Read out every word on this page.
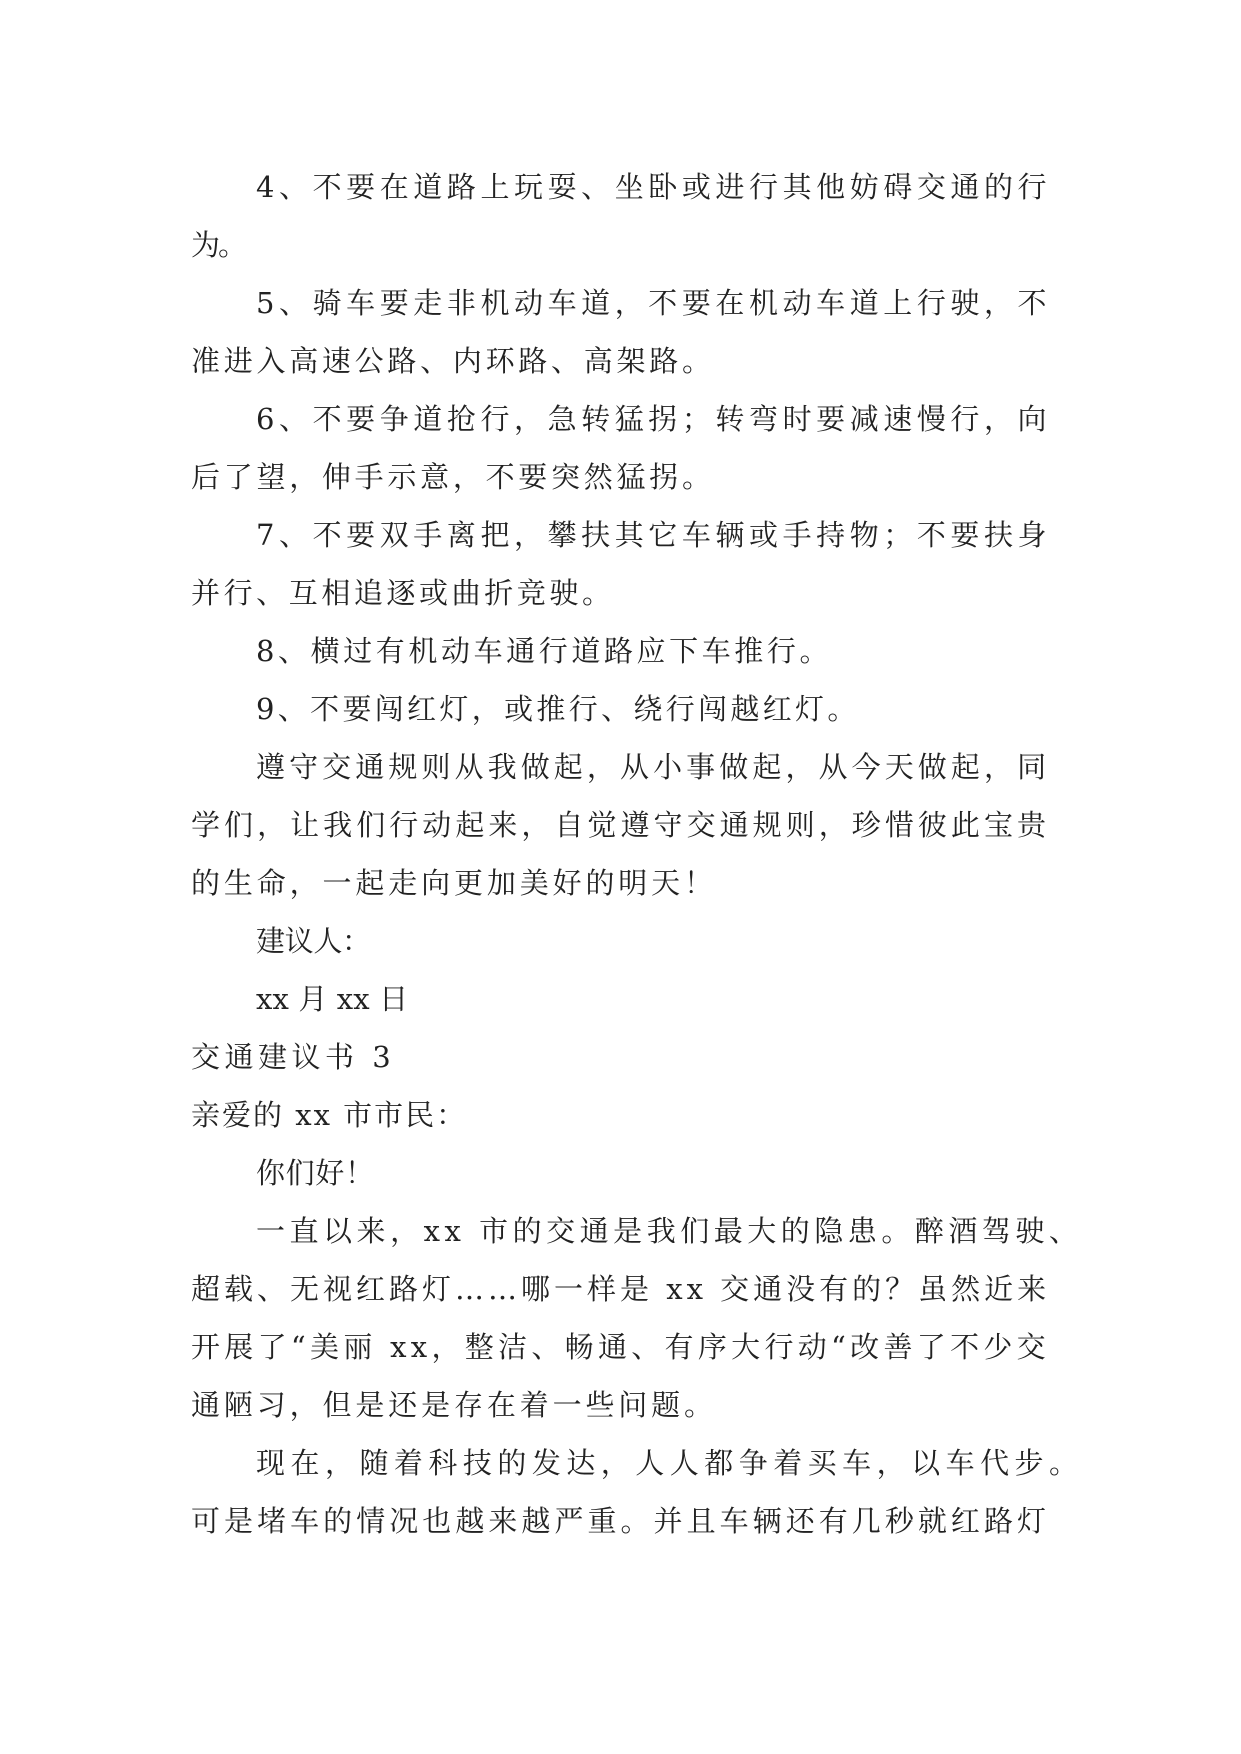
4、不要在道路上玩耍、坐卧或进行其他妨碍交通的行

为。

5、骑车要走非机动车道，不要在机动车道上行驶，不

准进入高速公路、内环路、高架路。

6、不要争道抢行，急转猛拐；转弯时要减速慢行，向

后了望，伸手示意，不要突然猛拐。

7、不要双手离把，攀扶其它车辆或手持物；不要扶身

并行、互相追逐或曲折竞驶。

8、横过有机动车通行道路应下车推行。

9、不要闯红灯，或推行、绕行闯越红灯。

遵守交通规则从我做起，从小事做起，从今天做起，同

学们，让我们行动起来，自觉遵守交通规则，珍惜彼此宝贵

的生命，一起走向更加美好的明天！

建议人：

xx 月 xx 日

交通建议书 3

亲爱的 xx 市市民：

你们好！

一直以来，xx 市的交通是我们最大的隐患。醉酒驾驶、

超载、无视红路灯……哪一样是 xx 交通没有的？虽然近来

开展了“美丽 xx，整洁、畅通、有序大行动“改善了不少交

通陋习，但是还是存在着一些问题。

现在，随着科技的发达，人人都争着买车，以车代步。

可是堵车的情况也越来越严重。并且车辆还有几秒就红路灯
